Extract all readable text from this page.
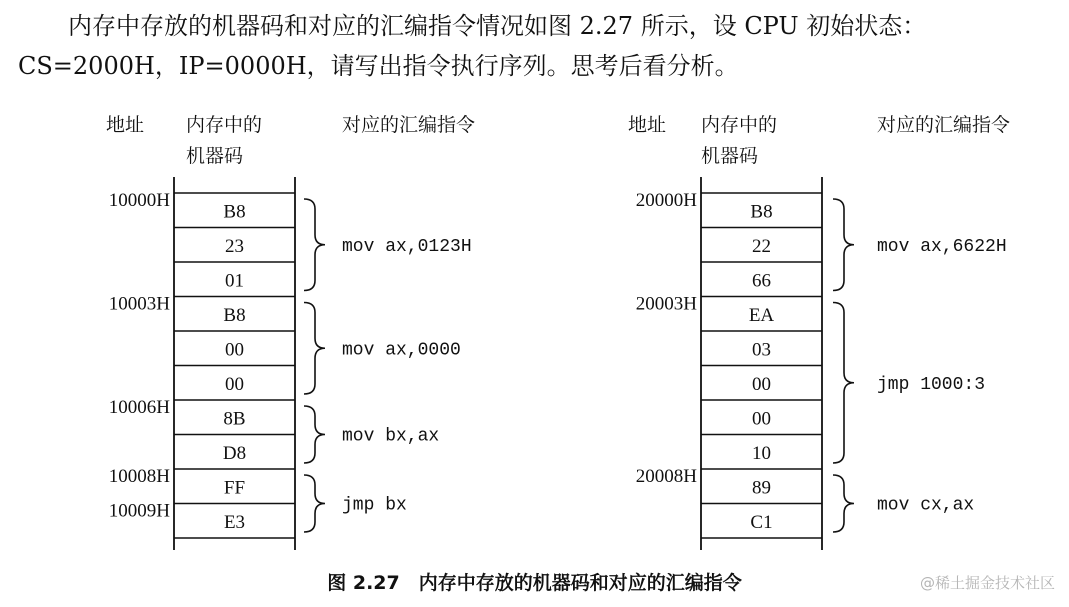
内存中存放的机器码和对应的汇编指令情况如图 2.27 所示，设 CPU 初始状态：
CS=2000H，IP=0000H，请写出指令执行序列。思考后看分析。
地址 内存中的
机器码
对应的汇编指令
B8
23
01
B8
00
00
8B
D8
FF
E3
10000H
10003H
10006H
10008H
10009H
mov ax,0123H
mov ax,0000
mov bx,ax
jmp bx
地址 内存中的
机器码
对应的汇编指令
B8
22
66
EA
03
00
00
10
89
C1
20000H
20003H
20008H
mov ax,6622H
jmp 1000:3
mov cx,ax
图 2.27　内存中存放的机器码和对应的汇编指令	@稀土掘金技术社区
